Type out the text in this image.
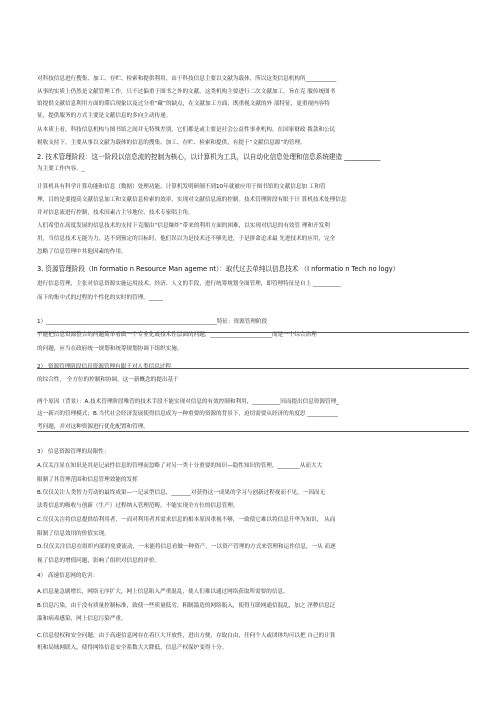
对科技信息进行搜集、加工、存贮、检索和提供利用，由于科技信息主要以文献为载体，所以这类信息机构所___________
从事的实质上仍然是文献管理工作，只不过偏重于图书之外的文献。这类机构主要进行二次文献加工，旨在克 服传统图书
馆提供文献信息利用方面的滞后现象以及过分重“藏”的缺点，在文献加工方面，既重视文献的外 部特征，更重视内容特
征，提供服务的方式主要是文献信息的多向主动传递。
从本质上看，科技信息机构与图书馆之间并无特殊差别，它们都是或主要是社会公益性事业机构，在国家财政 拨款和公民
税收支持下，主要从事以文献为载体的信息的搜集、加工、存贮、检索和提供，有提于“文献信息源”的管理。
2. 技术管理阶段：这一阶段以信息流的控制为核心，以计算机为工具，以自动化信息处理和信息系统建造 ___________
为主要工作内容。_
计算机具有科学计算功能和信息（数据）处理功能。计算机发明研制不到10年就被应用于图书馆的文献信息加 工和管
理，目的是要提高文献信息加工和文献信息检索的效率，实现对文献信息流的控制。技术管理阶段有眼于计 算机技术处理信息
并对信息流进行控制，技术因素占主导地位，技术专家唱主角。
人们希望在高度发展的信息技术的支持下克服由“信息爆炸”带来的利用方面的困难，以实现对信息的有效管 理和开发利
用，当信息技术无能为力，达不到预定的目标时，他们误以为是技术还不够先进，于是拼命追求最 先进技术的应用，完全
忽略了信息管理中其他因素的作用。
3. 资源管理阶段（In formatio n Resource Man ageme nt）：取代过去单纯以信息技术 （I nformatio n Tech no logy）
进行信息管理，主张对信息资源实施运用技术、经济、人文的手段，进行统筹规划全面管理，即管理特征是自上 __________
而下的集中式的过程的个性化的实时的管理。_____
1）_____________________________________________________________特征：资源管理阶段
不能把信息资源整合的问题简单看做一个专业化或技术性层面的问题，______________________而是一个综合治理
的问题，应当在政府统一规划和统筹规划协调下组织实施。
2） 资源管理阶段信息资源管理有眼于对人类信息过程
的综合性， 全方位的控制和协调，这一新概念的提出基于
两个原因（背景）：A.技术管理阶段唯管的技术手段不能实现对信息的有效控制和利用，__________因而提出信息资源管理_
这一新兴的管理模式；B.当代社会经济发展使得信息成为一种重要的资源的背景下，迫切需要从经济的角度思 ___________
考问题，并对这种资源进行优化配置和管理。
3） 信息资源管理的局限性：
A.仅关注显在知识是其是记录性信息的管理而忽略了对另一类十分重要的知识—隐性知识的管理，________从而大大
限制了其管理范围和信息管理效能的发挥
B.仅仅关注人类智力劳动的最终成果—一记录型信息，_______对获得这一成果的学习与创新过程视而不见，一因而无
法将信息的吸收与创新（生产）过程纳入管理范畴，不能实现全方位的信息管理。
C.仅仅关注将信息提供给利用者，一而对利用者其需求信息的根本原因重视不够，一致使它难以将信息升华为知识， 从而
限制了信息效用的价值实现。
D.仅仅关注信息在组织内部的免费流动，一未能将信息看做一种资产，一以资产管理的方式来管理和运作信息，一从 而逐
视了信息的增值问题，影响了组织对信息的评价。
4） 高速信息网的危害：
A.信息量急剧增长，网络无序扩大，网上信息陷入严重混乱，使人们难以通过网络获取所需要的信息。
B.信息污染，由于没有质量控制标准，致使一些质量低劣，粗制滥造的网络瓶入，使得互联网通信混乱，加之 淫秽信息泛
滥和病毒感染，网上信息污染严重。
C.信息侵权和安全问题，由于高速信息网存在着巨大开放性，进出方便，存取自由，任何个人或团体均可以把 自己的计算
机和局域网联入，使得网络信息安全系数大大降低，信息产权保护变得十分。
